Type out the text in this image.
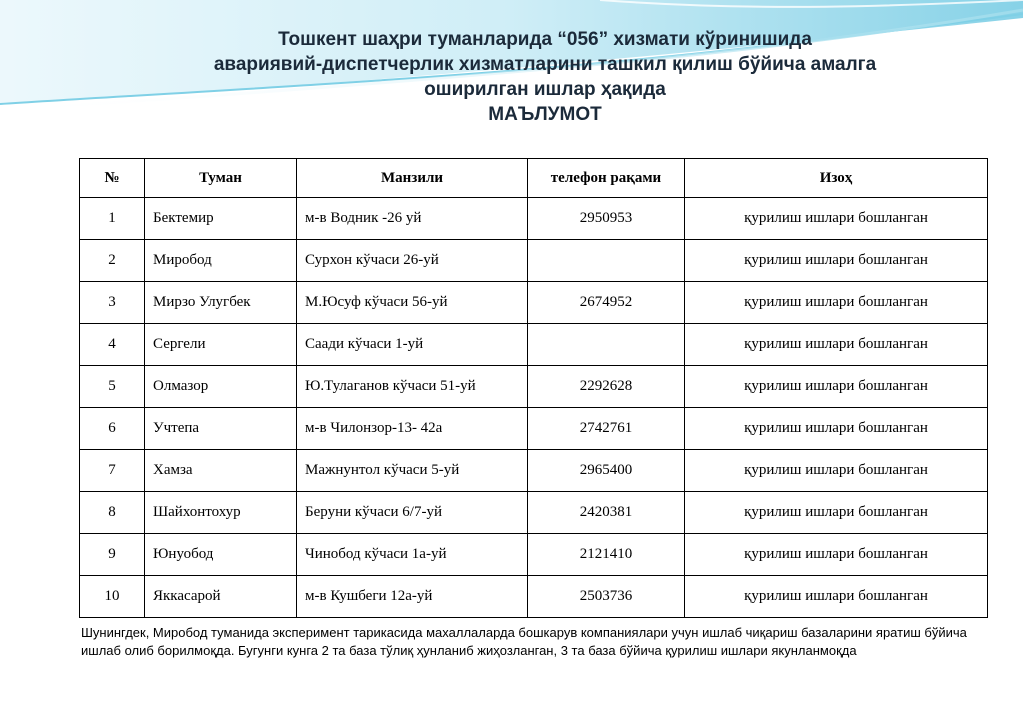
Тошкент шаҳри туманларида “056” хизмати кўринишида
авариявий-диспетчерлик хизматларини ташкил қилиш бўйича амалга
оширилган ишлар ҳақида
МАЪЛУМОТ
№	Туман	Манзили	телефон рақами	Изоҳ
1	Бектемир	м-в Водник -26 уй	2950953	қурилиш ишлари бошланган
2	Миробод	Сурхон кўчаси 26-уй		қурилиш ишлари бошланган
3	Мирзо Улугбек	М.Юсуф кўчаси 56-уй	2674952	қурилиш ишлари бошланган
4	Сергели	Саади кўчаси 1-уй		қурилиш ишлари бошланган
5	Олмазор	Ю.Тулаганов кўчаси 51-уй	2292628	қурилиш ишлари бошланган
6	Учтепа	м-в Чилонзор-13- 42а	2742761	қурилиш ишлари бошланган
7	Хамза	Мажнунтол кўчаси 5-уй	2965400	қурилиш ишлари бошланган
8	Шайхонтохур	Беруни кўчаси 6/7-уй	2420381	қурилиш ишлари бошланган
9	Юнуобод	Чинобод кўчаси 1а-уй	2121410	қурилиш ишлари бошланган
10	Яккасарой	м-в Кушбеги 12а-уй	2503736	қурилиш ишлари бошланган
Шунингдек, Миробод туманида эксперимент тарикасида махаллаларда бошкарув компаниялари учун ишлаб чиқариш базаларини яратиш бўйича ишлаб олиб борилмоқда. Бугунги кунга 2 та база тўлиқ ҳунланиб жиҳозланган, 3 та база бўйича қурилиш ишлари якунланмоқда
